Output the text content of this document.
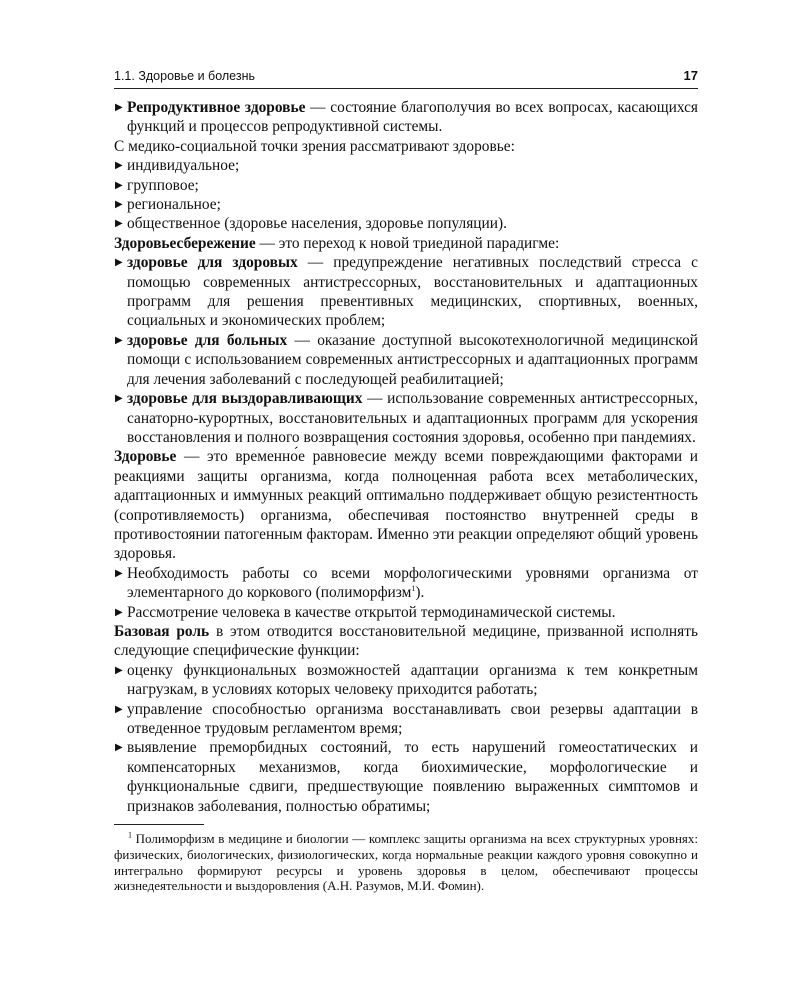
1.1. Здоровье и болезнь	17
▶ Репродуктивное здоровье — состояние благополучия во всех вопросах, касающихся функций и процессов репродуктивной системы.
С медико-социальной точки зрения рассматривают здоровье:
▶ индивидуальное;
▶ групповое;
▶ региональное;
▶ общественное (здоровье населения, здоровье популяции).
Здоровьесбережение — это переход к новой триединой парадигме:
▶ здоровье для здоровых — предупреждение негативных последствий стресса с помощью современных антистрессорных, восстановительных и адаптационных программ для решения превентивных медицинских, спортивных, военных, социальных и экономических проблем;
▶ здоровье для больных — оказание доступной высокотехнологичной медицинской помощи с использованием современных антистрессорных и адаптационных программ для лечения заболеваний с последующей реабилитацией;
▶ здоровье для выздоравливающих — использование современных антистрессорных, санаторно-курортных, восстановительных и адаптационных программ для ускорения восстановления и полного возвращения состояния здоровья, особенно при пандемиях.
Здоровье — это временно́е равновесие между всеми повреждающими факторами и реакциями защиты организма, когда полноценная работа всех метаболических, адаптационных и иммунных реакций оптимально поддерживает общую резистентность (сопротивляемость) организма, обеспечивая постоянство внутренней среды в противостоянии патогенным факторам. Именно эти реакции определяют общий уровень здоровья.
▶ Необходимость работы со всеми морфологическими уровнями организма от элементарного до коркового (полиморфизм$^1$).
▶ Рассмотрение человека в качестве открытой термодинамической системы.
Базовая роль в этом отводится восстановительной медицине, призванной исполнять следующие специфические функции:
▶ оценку функциональных возможностей адаптации организма к тем конкретным нагрузкам, в условиях которых человеку приходится работать;
▶ управление способностью организма восстанавливать свои резервы адаптации в отведенное трудовым регламентом время;
▶ выявление преморбидных состояний, то есть нарушений гомеостатических и компенсаторных механизмов, когда биохимические, морфологические и функциональные сдвиги, предшествующие появлению выраженных симптомов и признаков заболевания, полностью обратимы;
$^1$ Полиморфизм в медицине и биологии — комплекс защиты организма на всех структурных уровнях: физических, биологических, физиологических, когда нормальные реакции каждого уровня совокупно и интегрально формируют ресурсы и уровень здоровья в целом, обеспечивают процессы жизнедеятельности и выздоровления (А.Н. Разумов, М.И. Фомин).
